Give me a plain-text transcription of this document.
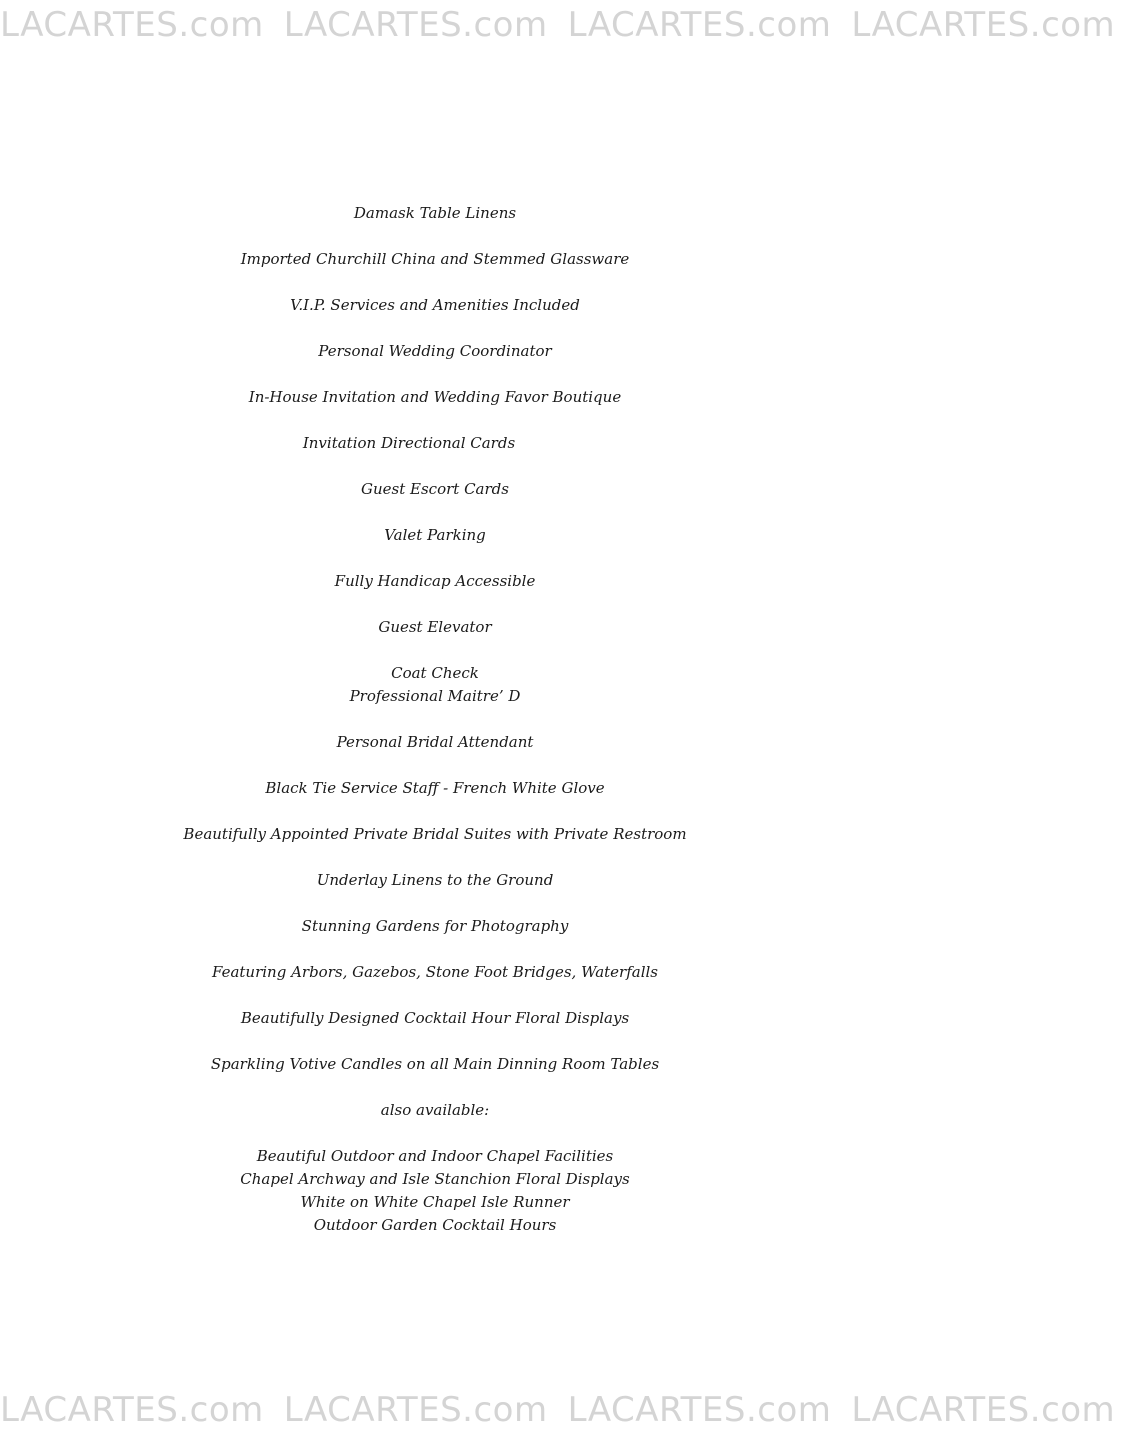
LACARTES.com LACARTES.com LACARTES.com LACARTES.com
Damask Table Linens
Imported Churchill China and Stemmed Glassware
V.I.P. Services and Amenities Included
Personal Wedding Coordinator
In-House Invitation and Wedding Favor Boutique
Invitation Directional Cards
Guest Escort Cards
Valet Parking
Fully Handicap Accessible
Guest Elevator
Coat Check
Professional Maitre’ D
Personal Bridal Attendant
Black Tie Service Staff - French White Glove
Beautifully Appointed Private Bridal Suites with Private Restroom
Underlay Linens to the Ground
Stunning Gardens for Photography
Featuring Arbors, Gazebos, Stone Foot Bridges, Waterfalls
Beautifully Designed Cocktail Hour Floral Displays
Sparkling Votive Candles on all Main Dinning Room Tables
also available:
Beautiful Outdoor and Indoor Chapel Facilities
Chapel Archway and Isle Stanchion Floral Displays
White on White Chapel Isle Runner
Outdoor Garden Cocktail Hours
LACARTES.com LACARTES.com LACARTES.com LACARTES.com
